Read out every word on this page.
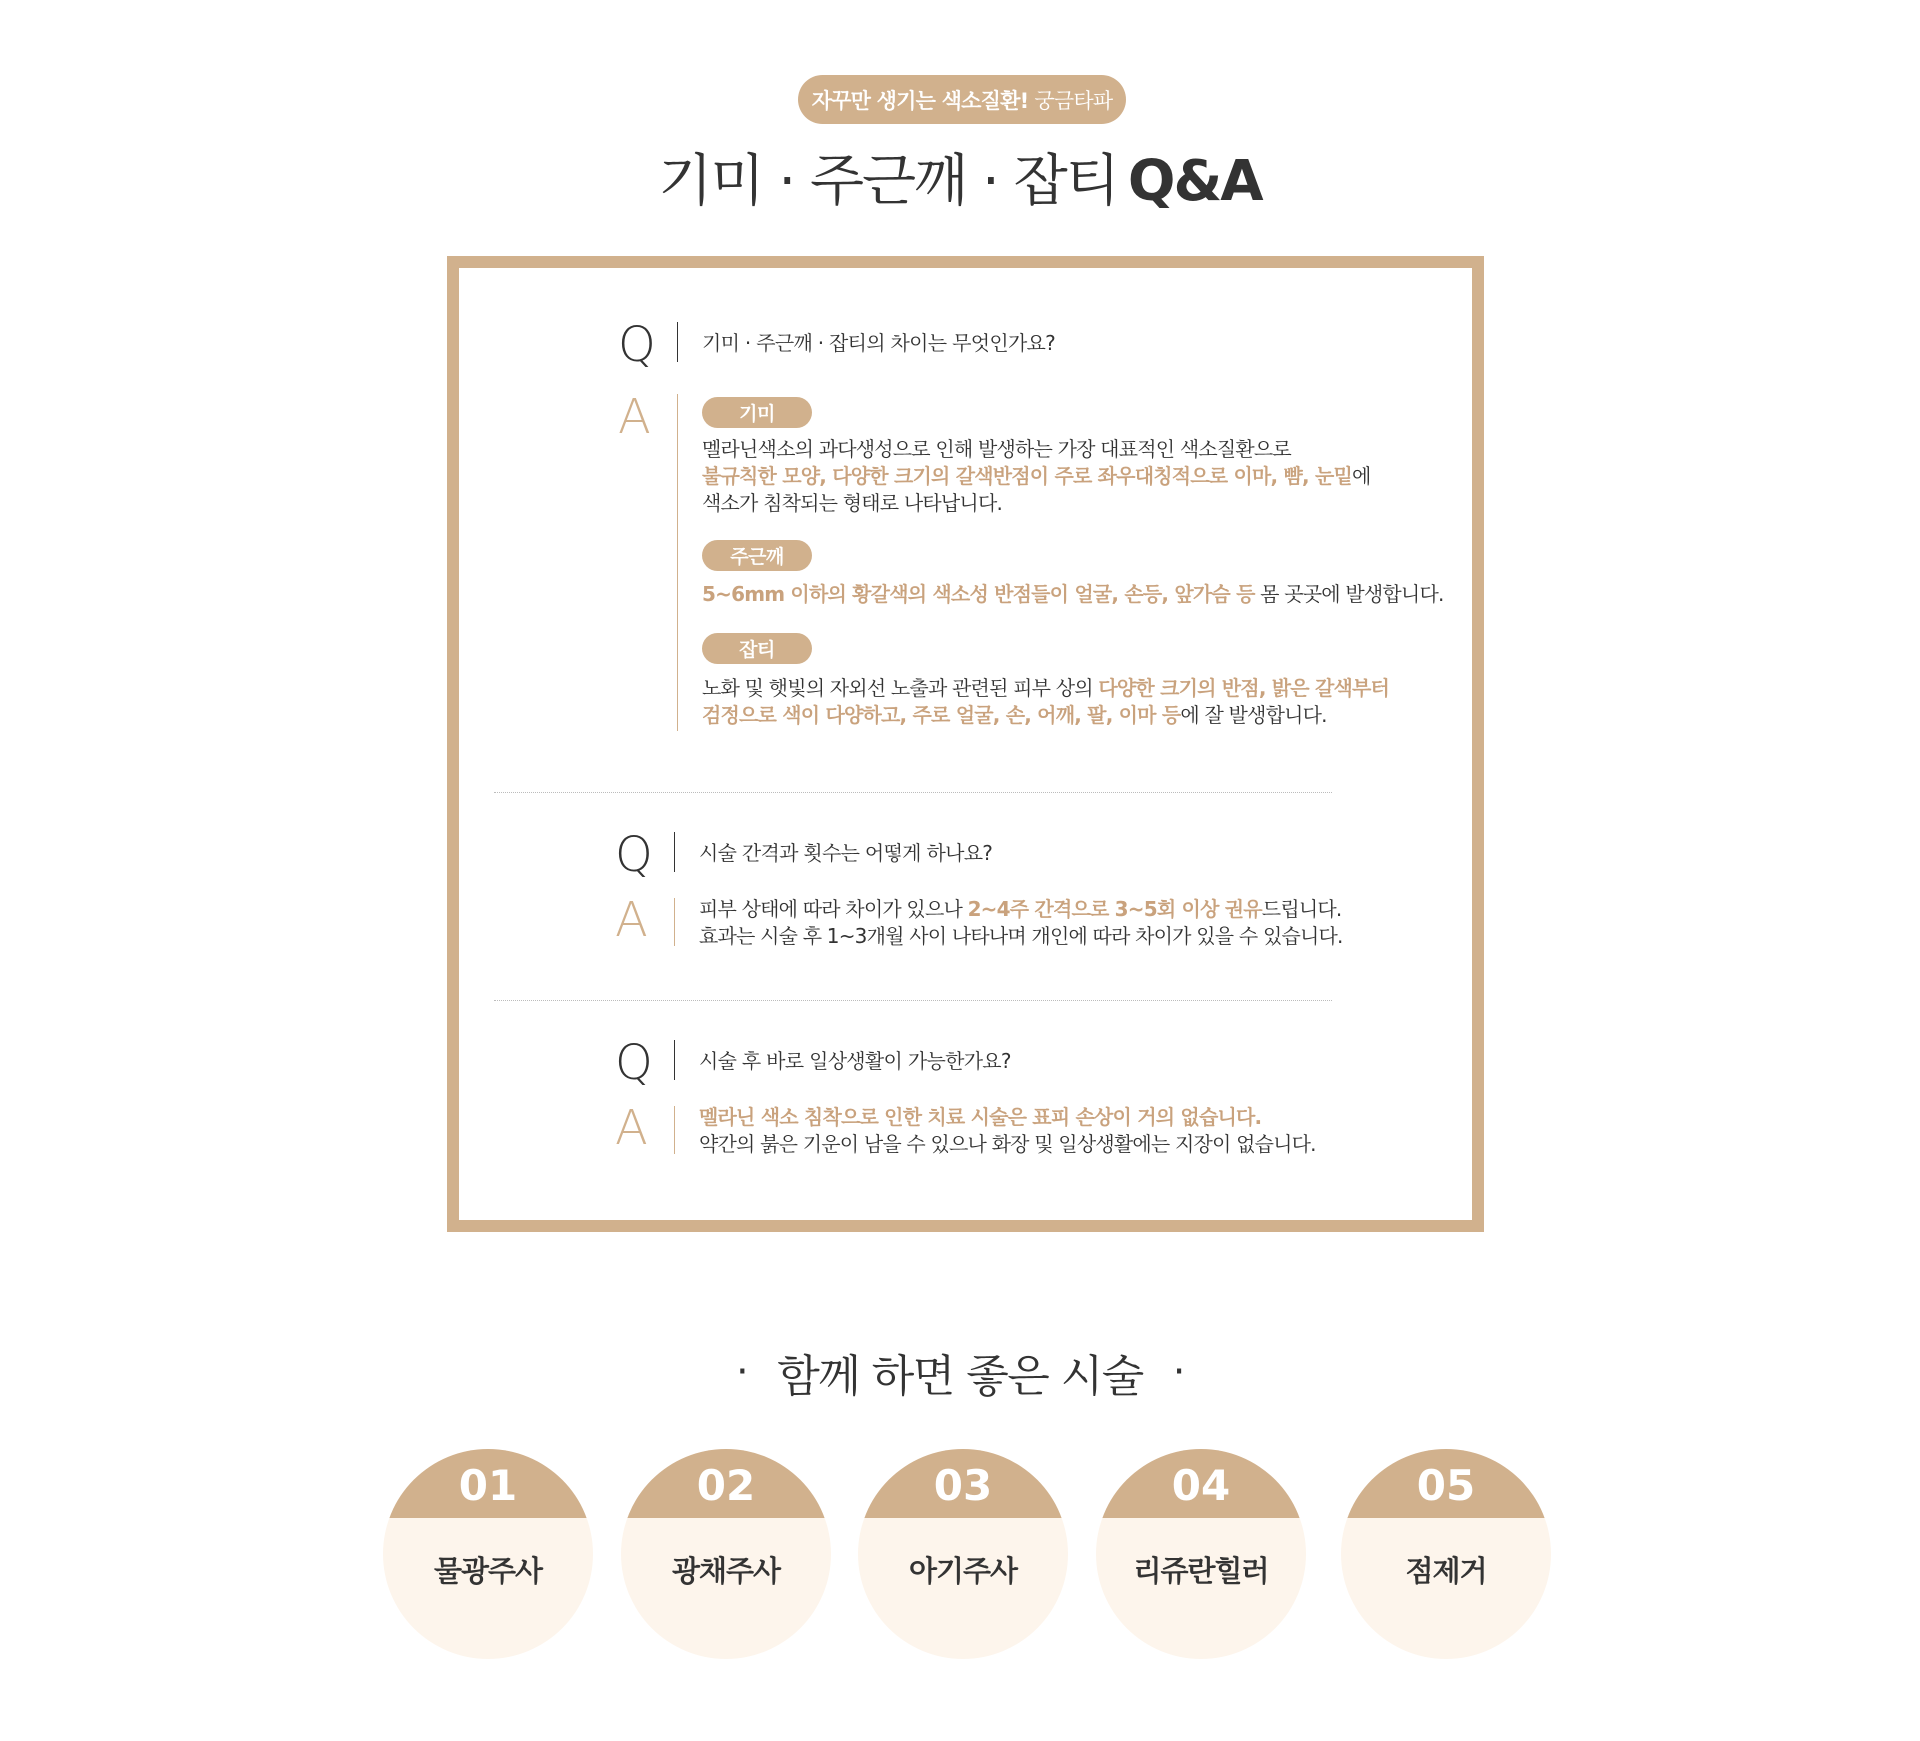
자꾸만 생기는 색소질환! 궁금타파
기미 · 주근깨 · 잡티 Q&A
Q 기미 · 주근깨 · 잡티의 차이는 무엇인가요?
A	기미
멜라닌색소의 과다생성으로 인해 발생하는 가장 대표적인 색소질환으로
불규칙한 모양, 다양한 크기의 갈색반점이 주로 좌우대칭적으로 이마, 뺨, 눈밑에
색소가 침착되는 형태로 나타납니다.
주근깨
5~6mm 이하의 황갈색의 색소성 반점들이 얼굴, 손등, 앞가슴 등 몸 곳곳에 발생합니다.
잡티
노화 및 햇빛의 자외선 노출과 관련된 피부 상의 다양한 크기의 반점, 밝은 갈색부터
검정으로 색이 다양하고, 주로 얼굴, 손, 어깨, 팔, 이마 등에 잘 발생합니다.
Q 시술 간격과 횟수는 어떻게 하나요?
A	피부 상태에 따라 차이가 있으나 2~4주 간격으로 3~5회 이상 권유드립니다.
효과는 시술 후 1~3개월 사이 나타나며 개인에 따라 차이가 있을 수 있습니다.
Q 시술 후 바로 일상생활이 가능한가요?
A	멜라닌 색소 침착으로 인한 치료 시술은 표피 손상이 거의 없습니다.
약간의 붉은 기운이 남을 수 있으나 화장 및 일상생활에는 지장이 없습니다.
· 함께 하면 좋은 시술 ·
01
물광주사
02
광채주사
03
아기주사
04
리쥬란힐러
05
점제거
